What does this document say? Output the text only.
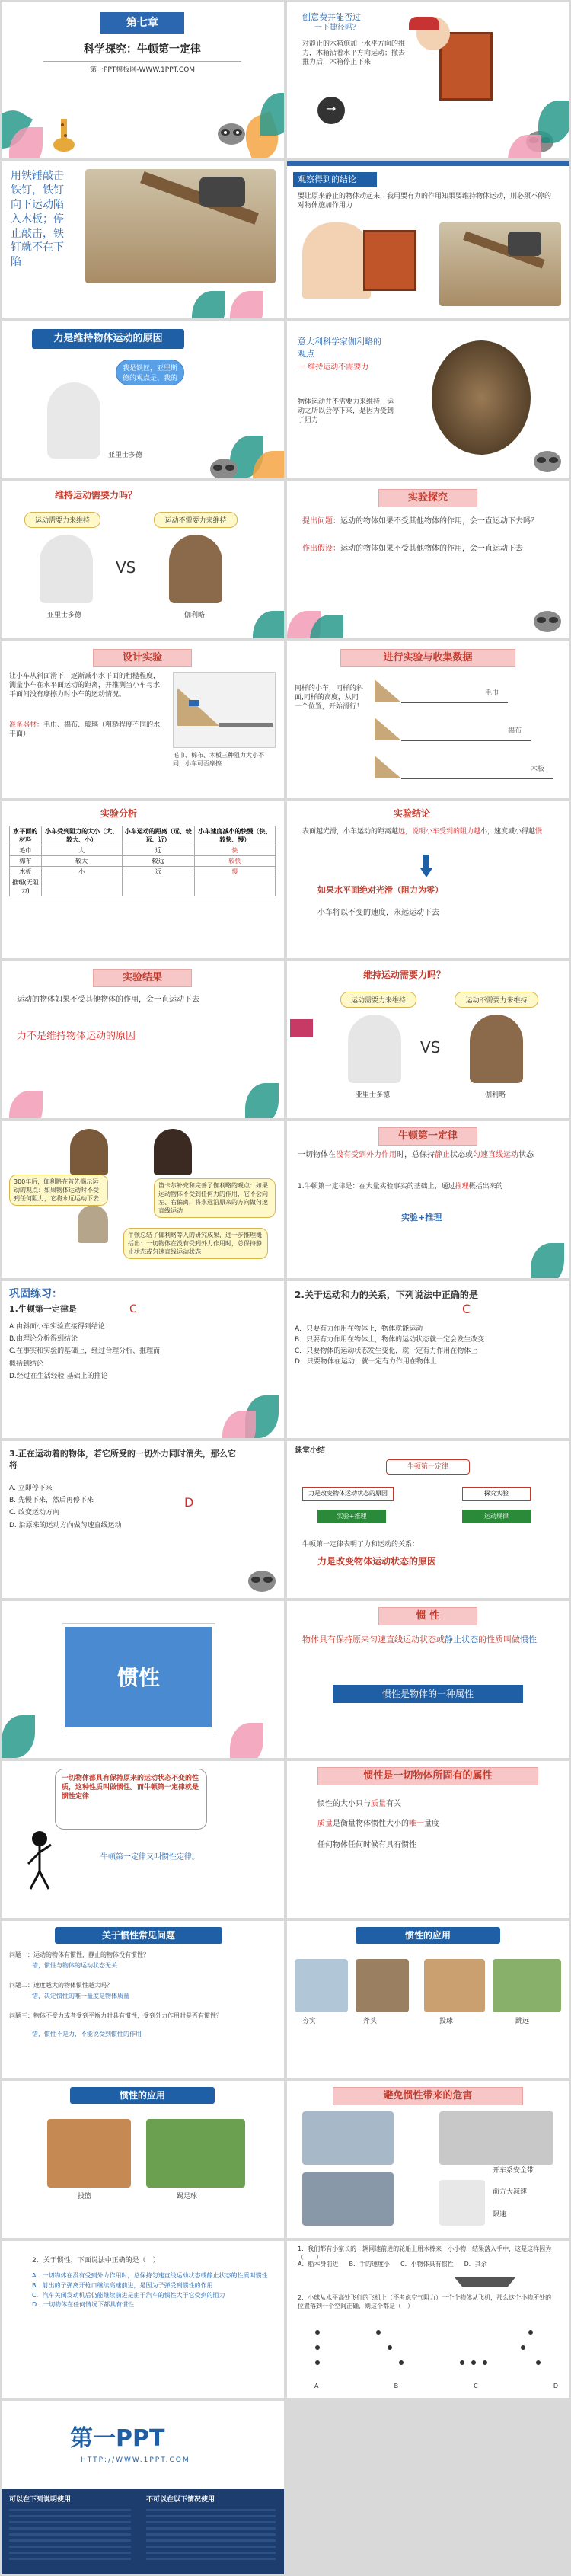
第七章
科学探究：牛顿第一定律
第一PPT模板网-WWW.1PPT.COM
创意费并能否过
一下捷径吗？
对静止的木箱施加一水平方向的推力，木箱沿着水平方向运动；撤去推力后，木箱停止下来
→
用铁锤敲击铁钉，铁钉向下运动陷入木板；停止敲击，铁钉就不在下陷
观察得到的结论
要让原来静止的物体动起来，我用要有力的作用知果要维持物体运动，则必须不停的对物体施加作用力
力是维持物体运动的原因
我是铁匠，亚里斯德的观点是、我的
亚里士多德
意大利科学家伽利略的
观点
一 维持运动不需要力
物体运动并不需要力来维持，运动之所以会停下来，是因为受到了阻力
维持运动需要力吗？
运动需要力来维持	运动不需要力来维持
VS
亚里士多德	伽利略
实验探究
提出问题：运动的物体如果不受其他物体的作用，会一直运动下去吗？
作出假设：运动的物体如果不受其他物体的作用，会一直运动下去
设计实验
让小车从斜面滑下，逐渐减小水平面的粗糙程度，测量小车在水平面运动的距离，并推测当小车与水平面间没有摩擦力时小车的运动情况。
准备器材：毛巾、棉布、玻璃（粗糙程度不同的水平面）
毛巾、棉布、木板三种阻力大小不同，小车可否摩擦
进行实验与收集数据
同样的小车，同样的斜面,同样的高度，从同一个位置，开始滑行！
毛巾
棉布
木板
实验分析
水平面的材料	小车受到阻力的大小（大、较大、小）	小车运动的距离（远、较远、近）	小车速度减小的快慢（快、较快、慢）
毛巾	大	近	快
棉布	较大	较远	较快
木板	小	远	慢
推理(无阻力)			
实验结论
表面越光滑，小车运动的距离越远，说明小车受到的阻力越小，速度减小得越慢
如果水平面绝对光滑（阻力为零）
小车将以不变的速度，永远运动下去
实验结果
运动的物体如果不受其他物体的作用，会一直运动下去
力不是维持物体运动的原因
维持运动需要力吗？
运动需要力来维持	运动不需要力来维持
VS
亚里士多德	伽利略
300年后，伽利略在首先揭示运动的观点：如果物体运动时不受到任何阻力，它将永远运动下去
笛卡尔补充和完善了伽利略的观点：如果运动物体不受到任何力的作用，它不会向左、右偏离，将永远沿原来的方向做匀速直线运动
牛顿总结了伽利略等人的研究成果，进一步推理概括出：一切物体在没有受到外力作用时，总保持静止状态或匀速直线运动状态
牛顿第一定律
一切物体在没有受到外力作用时，总保持静止状态或匀速直线运动状态
1.牛顿第一定律是：在大量实验事实的基础上，通过推理概括出来的
实验+推理
巩固练习：
1.牛顿第一定律是	C
A.由斜面小车实验直接得到结论
B.由理论分析得到结论
C.在事实和实验的基础上，经过合理分析、推理而概括到结论
D.经过在生活经验 基础上的推论
2.关于运动和力的关系，下列说法中正确的是
C
A．只要有力作用在物体上，物体就能运动
B．只要有力作用在物体上，物体的运动状态就一定会发生改变
C．只要物体的运动状态发生变化，就一定有力作用在物体上
D．只要物体在运动，就一定有力作用在物体上
3.正在运动着的物体，若它所受的一切外力同时消失，那么它将
D
A. 立即停下来
B. 先慢下来，然后再停下来
C. 改变运动方向
D. 沿原来的运动方向做匀速直线运动
课堂小结
牛顿第一定律
力是改变物体运动状态的原因	探究实验
实验+推理	运动规律
牛顿第一定律表明了力和运动的关系：
力是改变物体运动状态的原因
惯性
惯 性
物体具有保持原来匀速直线运动状态或静止状态的性质叫做惯性
惯性是物体的一种属性
一切物体都具有保持原来的运动状态不变的性质，这种性质叫做惯性。而牛顿第一定律就是惯性定律
牛顿第一定律又叫惯性定律。
惯性是一切物体所固有的属性
惯性的大小只与质量有关
质量是衡量物体惯性大小的唯一量度
任何物体任何时候有具有惯性
关于惯性常见问题
问题一：运动的物体有惯性，静止的物体没有惯性？
错，惯性与物体的运动状态无关
问题二：速度越大的物体惯性越大吗？
错，决定惯性的唯一量度是物体质量
问题三：物体不受力或者受到平衡力时具有惯性，受到外力作用时是否有惯性？
错，惯性不是力，不能说受到惯性的作用
惯性的应用
夯实	斧头	投球	跳远
惯性的应用
投篮	踢足球
避免惯性带来的危害
开车系安全带
前方大减速
限速
2．关于惯性，下面说法中正确的是（　）
A．一切物体在没有受到外力作用时，总保持匀速直线运动状态或静止状态的性质叫惯性
B．射出的子弹离开枪口继续高速前进，是因为子弹受到惯性的作用
C．汽车关闭发动机后仍能继续前进是由于汽车的惯性大于它受到的阻力
D．一切物体在任何情况下都具有惯性
1．我们都有小家长的一辆同速前进的轮船上用木棒来一小小物，结果落入手中，这是这样因为（　　）
A．船本身前进 B．手的速度小 C．小物体具有惯性 D．其余
2．小球从水平高处飞行的飞机上（不考虑空气阻力）一个个物体从飞机，那么这个小物所处的位置落到一个空间正确，则这个都是（　）
A	B	C	D
第一PPT
HTTP://WWW.1PPT.COM
可以在下列说明使用	不可以在以下情况使用
